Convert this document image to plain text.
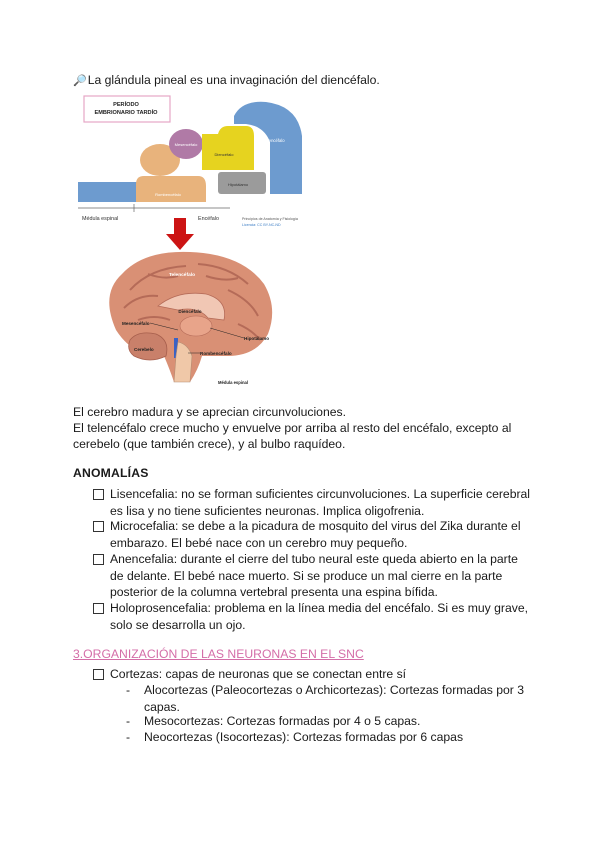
🔎La glándula pineal es una invaginación del diencéfalo.
PERÍODO
EMBRIONARIO TARDÍO
Mesencéfalo
Diencéfalo
Telencéfalo
Hipotálamo
Rombencéfalo
Médula espinal	Encéfalo	Principios de Anatomía y Fisiología
Licencia: CC BY-NC-ND
Telencéfalo
Diencéfalo
Mesencéfalo
Hipotálamo
Cerebelo
Rombencéfalo
Médula espinal
El cerebro madura y se aprecian circunvoluciones.
El telencéfalo crece mucho y envuelve por arriba al resto del encéfalo, excepto al
cerebelo (que también crece), y al bulbo raquídeo.
ANOMALÍAS
Lisencefalia: no se forman suficientes circunvoluciones. La superficie cerebral
es lisa y no tiene suficientes neuronas. Implica oligofrenia.
Microcefalia: se debe a la picadura de mosquito del virus del Zika durante el
embarazo. El bebé nace con un cerebro muy pequeño.
Anencefalia: durante el cierre del tubo neural este queda abierto en la parte
de delante. El bebé nace muerto. Si se produce un mal cierre en la parte
posterior de la columna vertebral presenta una espina bífida.
Holoprosencefalia: problema en la línea media del encéfalo. Si es muy grave,
solo se desarrolla un ojo.
3.ORGANIZACIÓN DE LAS NEURONAS EN EL SNC
Cortezas: capas de neuronas que se conectan entre sí
- Alocortezas (Paleocortezas o Archicortezas): Cortezas formadas por 3
capas.
- Mesocortezas: Cortezas formadas por 4 o 5 capas.
- Neocortezas (Isocortezas): Cortezas formadas por 6 capas
